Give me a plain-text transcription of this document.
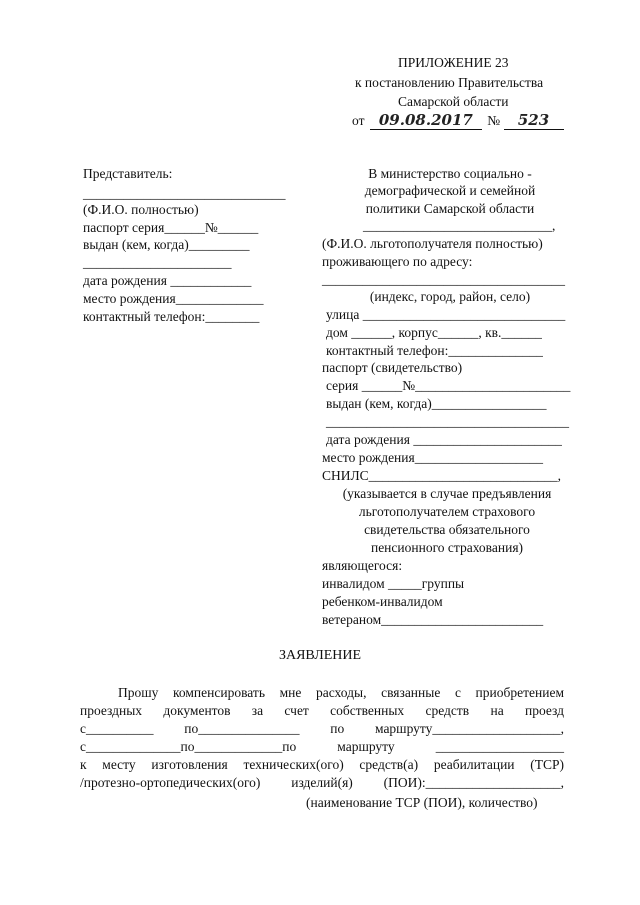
ПРИЛОЖЕНИЕ 23
к постановлению Правительства
Самарской области
от 09.08.2017 № 523
Представитель:
______________________________
(Ф.И.О. полностью)
паспорт серия______№______
выдан (кем, когда)_________
______________________
дата рождения ____________
место рождения_____________
контактный телефон:________
В министерство социально -
демографической и семейной
политики Самарской области
____________________________,
(Ф.И.О. льготополучателя полностью)
проживающего по адресу:
____________________________________
(индекс, город, район, село)
улица ______________________________
дом ______, корпус______, кв.______
контактный телефон:______________
паспорт (свидетельство)
серия ______№_______________________
выдан (кем, когда)_________________
____________________________________
дата рождения ______________________
место рождения___________________
СНИЛС____________________________,
(указывается в случае предъявления
льготополучателем страхового
свидетельства обязательного
пенсионного страхования)
являющегося:
инвалидом _____группы
ребенком-инвалидом
ветераном________________________
ЗАЯВЛЕНИЕ
Прошу компенсировать мне расходы, связанные с приобретением
проездных документов за счет собственных средств на проезд
с__________ по_______________ по маршруту___________________,
с______________по_____________по маршруту ___________________
к месту изготовления технических(ого) средств(а) реабилитации (ТСР)
/протезно-ортопедических(ого) изделий(я) (ПОИ):____________________,
(наименование ТСР (ПОИ), количество)
